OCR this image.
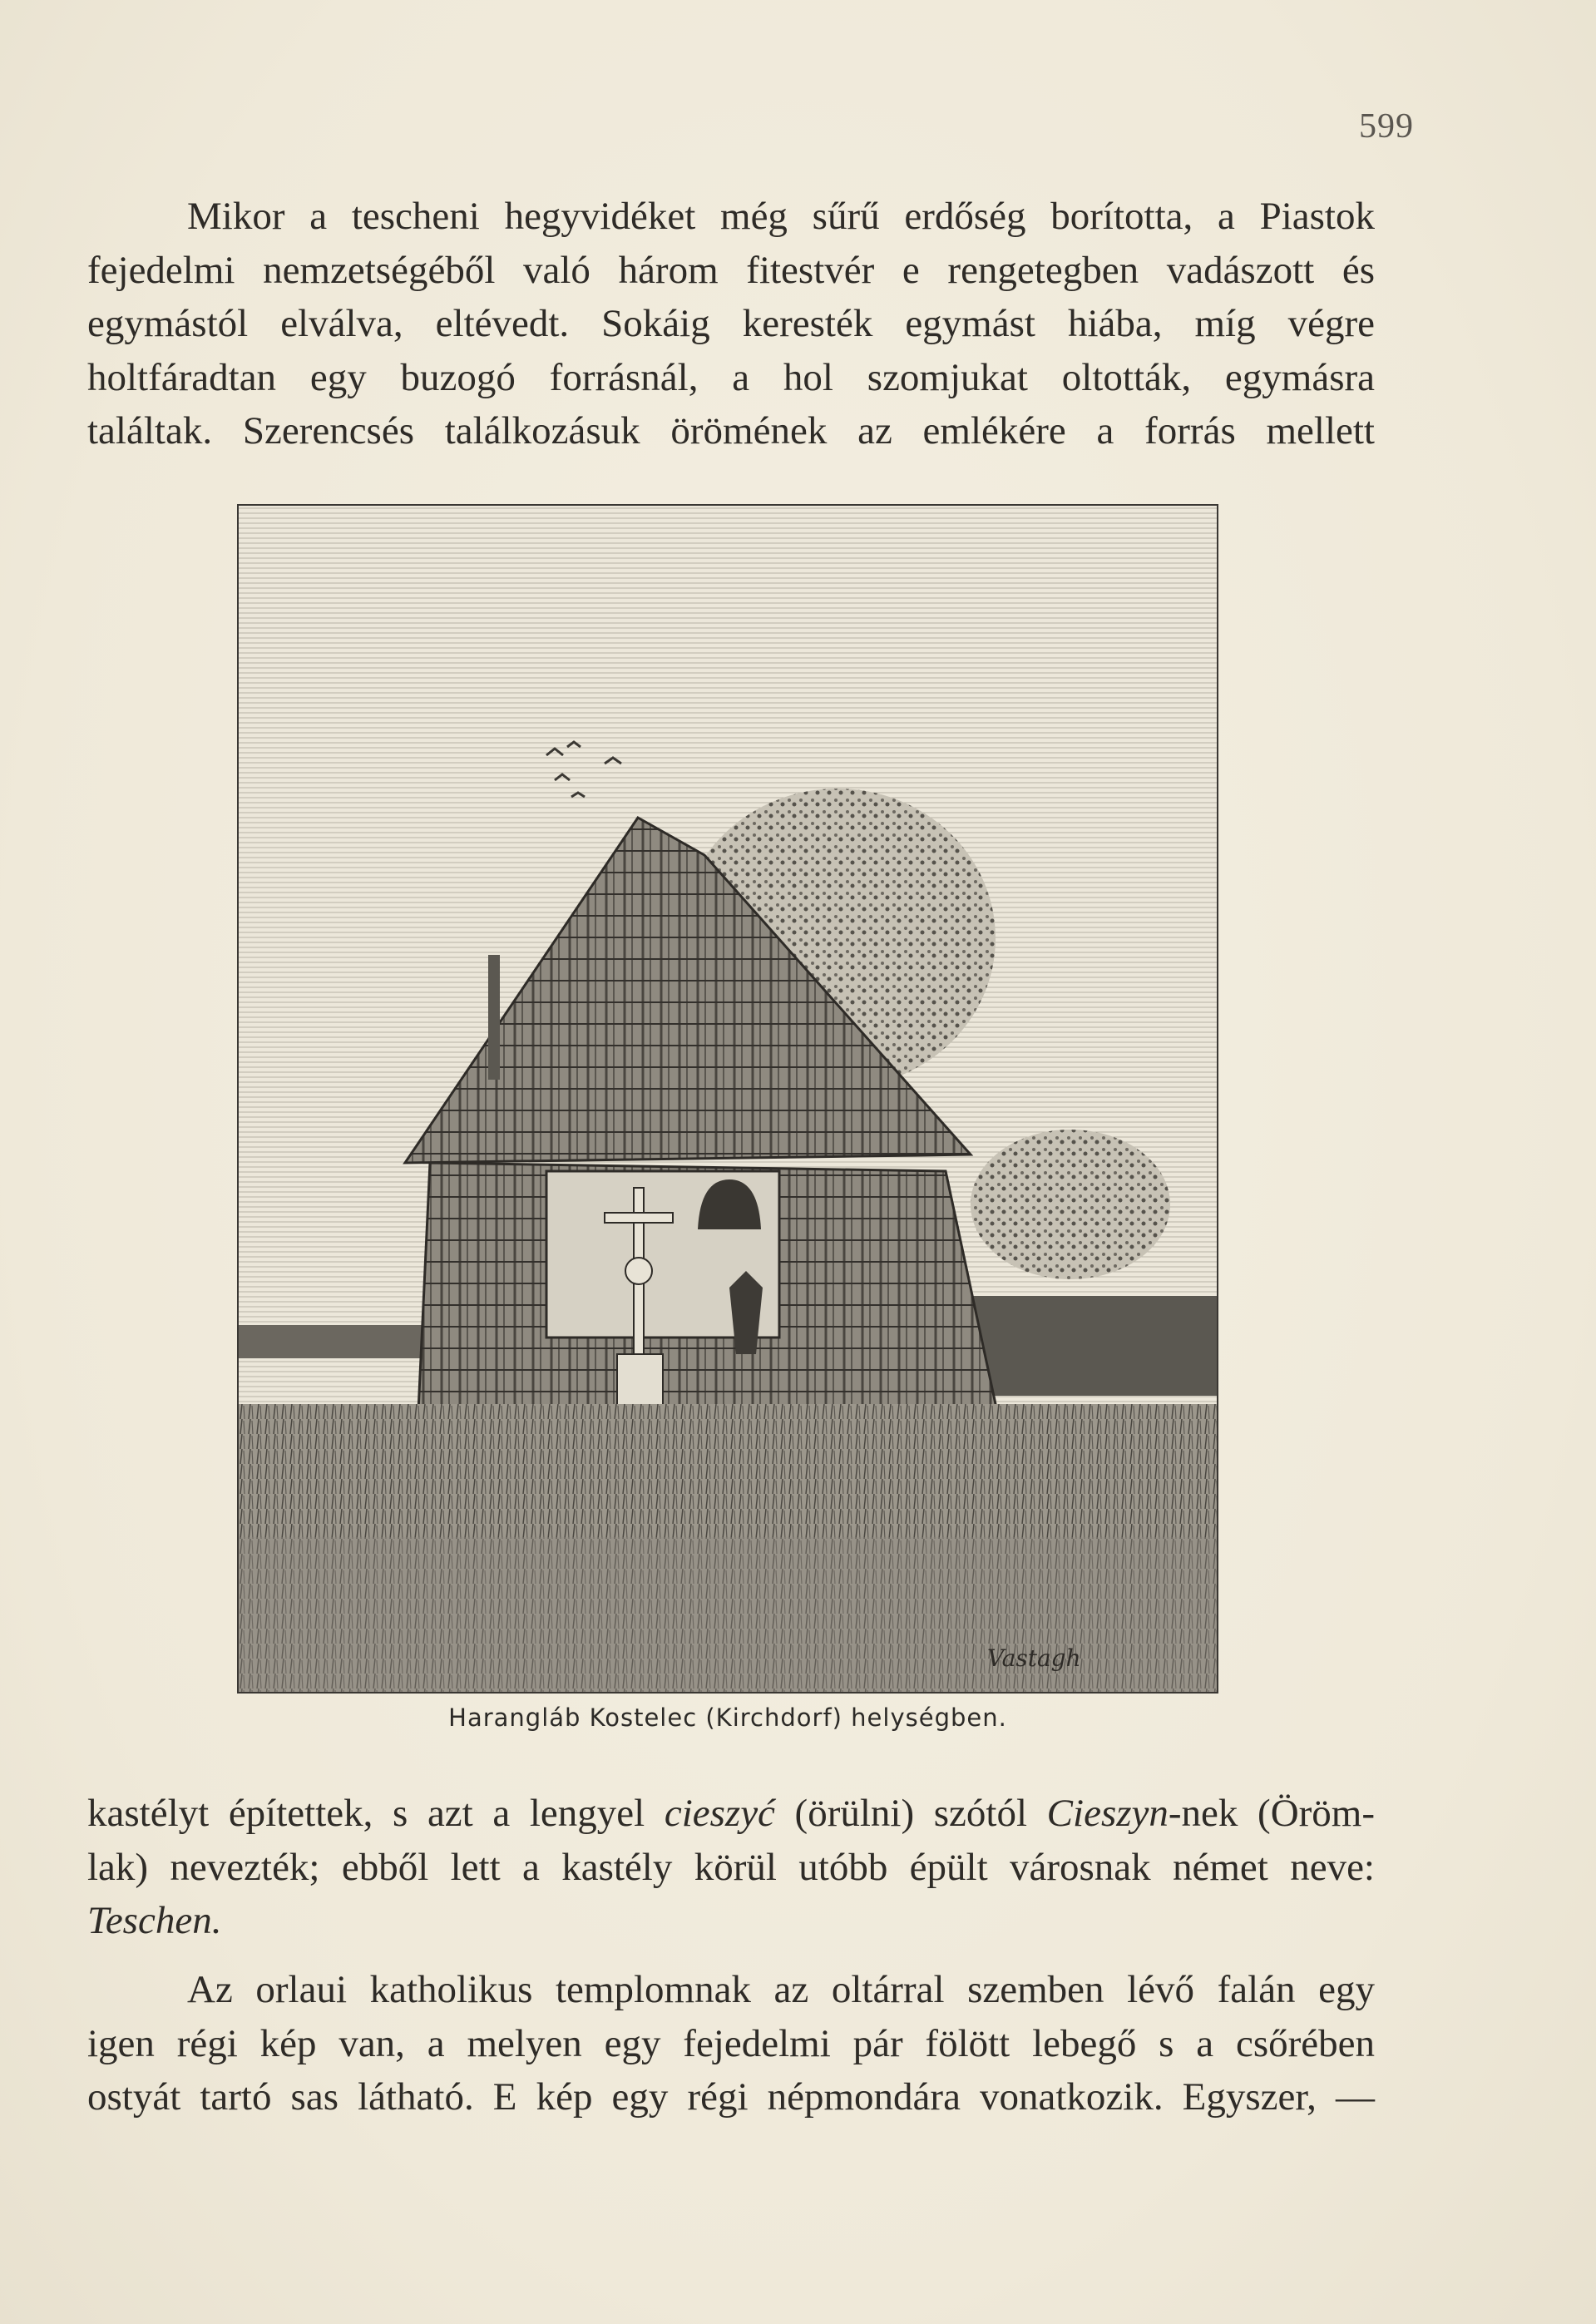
599
Mikor a tescheni hegyvidéket még sűrű erdőség borította, a Piastok
fejedelmi nemzetségéből való három fitestvér e rengetegben vadászott és
egymástól elválva, eltévedt. Sokáig keresték egymást hiába, míg végre
holtfáradtan egy buzogó forrásnál, a hol szomjukat oltották, egymásra
találtak. Szerencsés találkozásuk örömének az emlékére a forrás mellett
Vastagh
Harangláb Kostelec (Kirchdorf) helységben.
kastélyt építettek, s azt a lengyel cieszyć (örülni) szótól Cieszyn-nek (Öröm-
lak) nevezték; ebből lett a kastély körül utóbb épült városnak német neve:
Teschen.
Az orlaui katholikus templomnak az oltárral szemben lévő falán egy
igen régi kép van, a melyen egy fejedelmi pár fölött lebegő s a csőrében
ostyát tartó sas látható. E kép egy régi népmondára vonatkozik. Egyszer, —
